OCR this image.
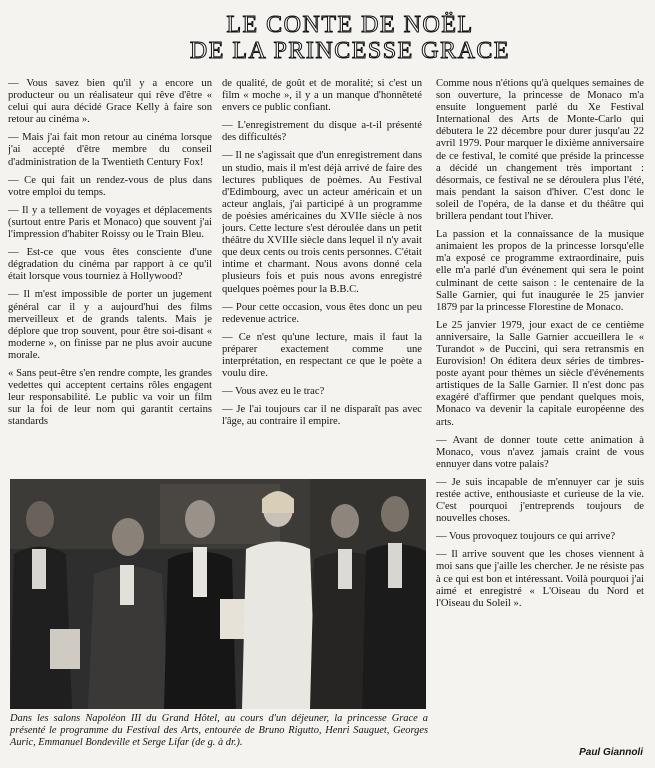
LE CONTE DE NOËL
DE LA PRINCESSE GRACE

— Vous savez bien qu'il y a encore un producteur ou un réalisateur qui rêve d'être « celui qui aura décidé Grace Kelly à faire son retour au cinéma ».

— Mais j'ai fait mon retour au cinéma lorsque j'ai accepté d'être membre du conseil d'administration de la Twentieth Century Fox!

— Ce qui fait un rendez-vous de plus dans votre emploi du temps.

— Il y a tellement de voyages et déplacements (surtout entre Paris et Monaco) que souvent j'ai l'impression d'habiter Roissy ou le Train Bleu.

— Est-ce que vous êtes consciente d'une dégradation du cinéma par rapport à ce qu'il était lorsque vous tourniez à Hollywood?

— Il m'est impossible de porter un jugement général car il y a aujourd'hui des films merveilleux et de grands talents. Mais je déplore que trop souvent, pour être soi-disant « moderne », on finisse par ne plus avoir aucune morale.

« Sans peut-être s'en rendre compte, les grandes vedettes qui acceptent certains rôles engagent leur responsabilité. Le public va voir un film sur la foi de leur nom qui garantit certains standards

de qualité, de goût et de moralité; si c'est un film « moche », il y a un manque d'honnêteté envers ce public confiant.

— L'enregistrement du disque a-t-il présenté des difficultés?

— Il ne s'agissait que d'un enregistrement dans un studio, mais il m'est déjà arrivé de faire des lectures publiques de poèmes. Au Festival d'Edimbourg, avec un acteur américain et un acteur anglais, j'ai participé à un programme de poésies américaines du XVIIe siècle à nos jours. Cette lecture s'est déroulée dans un petit théâtre du XVIIIe siècle dans lequel il n'y avait que deux cents ou trois cents personnes. C'était intime et charmant. Nous avons donné cela plusieurs fois et puis nous avons enregistré quelques poèmes pour la B.B.C.

— Pour cette occasion, vous êtes donc un peu redevenue actrice.

— Ce n'est qu'une lecture, mais il faut la préparer exactement comme une interprétation, en respectant ce que le poète a voulu dire.

— Vous avez eu le trac?

— Je l'ai toujours car il ne disparaît pas avec l'âge, au contraire il empire.

Comme nous n'étions qu'à quelques semaines de son ouverture, la princesse de Monaco m'a ensuite longuement parlé du Xe Festival International des Arts de Monte-Carlo qui débutera le 22 décembre pour durer jusqu'au 22 avril 1979. Pour marquer le dixième anniversaire de ce festival, le comité que préside la princesse a décidé un changement très important : désormais, ce festival ne se déroulera plus l'été, mais pendant la saison d'hiver. C'est donc le soleil de l'opéra, de la danse et du théâtre qui brillera pendant tout l'hiver.

La passion et la connaissance de la musique animaient les propos de la princesse lorsqu'elle m'a exposé ce programme extraordinaire, puis elle m'a parlé d'un événement qui sera le point culminant de cette saison : le centenaire de la Salle Garnier, qui fut inaugurée le 25 janvier 1879 par la princesse Florestine de Monaco.

Le 25 janvier 1979, jour exact de ce centième anniversaire, la Salle Garnier accueillera le « Turandot » de Puccini, qui sera retransmis en Eurovision! On éditera deux séries de timbres-poste ayant pour thèmes un siècle d'événements artistiques de la Salle Garnier. Il n'est donc pas exagéré d'affirmer que pendant quelques mois, Monaco va devenir la capitale européenne des arts.

— Avant de donner toute cette animation à Monaco, vous n'avez jamais craint de vous ennuyer dans votre palais?

— Je suis incapable de m'ennuyer car je suis restée active, enthousiaste et curieuse de la vie. C'est pourquoi j'entreprends toujours de nouvelles choses.

— Vous provoquez toujours ce qui arrive?

— Il arrive souvent que les choses viennent à moi sans que j'aille les chercher. Je ne résiste pas à ce qui est bon et intéressant. Voilà pourquoi j'ai aimé et enregistré « L'Oiseau du Nord et l'Oiseau du Soleil ».

Dans les salons Napoléon III du Grand Hôtel, au cours d'un déjeuner, la princesse Grace a présenté le programme du Festival des Arts, entourée de Bruno Rigutto, Henri Sauguet, Georges Auric, Emmanuel Bondeville et Serge Lifar (de g. à dr.).
Paul Giannoli
